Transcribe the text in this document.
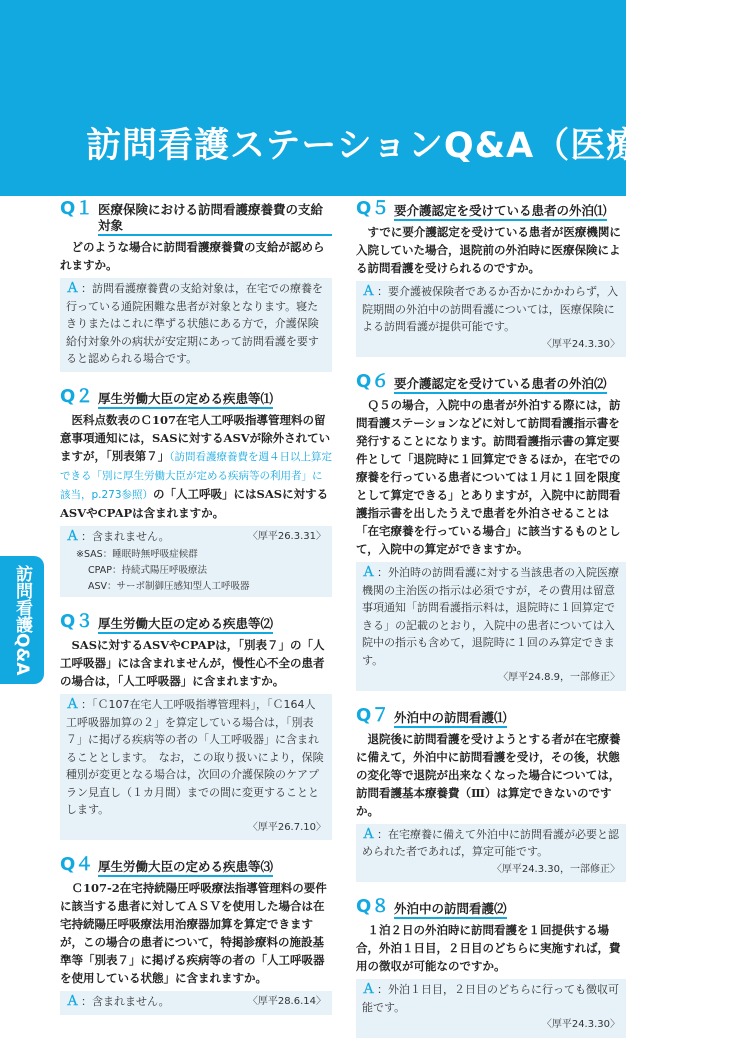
訪問看護ステーションQ&A（医療保険）
訪問看護Q&A
Q１ 医療保険における訪問看護療養費の支給対象
どのような場合に訪問看護療養費の支給が認められますか。
Ａ ：訪問看護療養費の支給対象は，在宅での療養を行っている通院困難な患者が対象となります。寝たきりまたはこれに準ずる状態にある方で，介護保険給付対象外の病状が安定期にあって訪問看護を要すると認められる場合です。
Q２ 厚生労働大臣の定める疾患等⑴
医科点数表のＣ107在宅人工呼吸指導管理料の留意事項通知には，SASに対するASVが除外されていますが，「別表第７」（訪問看護療養費を週４日以上算定できる「別に厚生労働大臣が定める疾病等の利用者」に該当，p.273参照）の「人工呼吸」にはSASに対するASVやCPAPは含まれますか。
Ａ ：含まれません。	〈厚平26.3.31〉
※SAS：睡眠時無呼吸症候群
CPAP：持続式陽圧呼吸療法
ASV：サーボ制御圧感知型人工呼吸器
Q３ 厚生労働大臣の定める疾患等⑵
SASに対するASVやCPAPは，「別表７」の「人工呼吸器」には含まれませんが，慢性心不全の患者の場合は，「人工呼吸器」に含まれますか。
Ａ ：「Ｃ107在宅人工呼吸指導管理料」，「Ｃ164人工呼吸器加算の２」を算定している場合は，「別表７」に掲げる疾病等の者の「人工呼吸器」に含まれることとします。　なお，この取り扱いにより，保険種別が変更となる場合は，次回の介護保険のケアプラン見直し（１カ月間）までの間に変更することとします。
〈厚平26.7.10〉
Q４ 厚生労働大臣の定める疾患等⑶
Ｃ107-2在宅持続陽圧呼吸療法指導管理料の要件に該当する患者に対してＡＳＶを使用した場合は在宅持続陽圧呼吸療法用治療器加算を算定できますが，この場合の患者について，特掲診療料の施設基準等「別表７」に掲げる疾病等の者の「人工呼吸器を使用している状態」に含まれますか。
Ａ ：含まれません。	〈厚平28.6.14〉
Q５ 要介護認定を受けている患者の外泊⑴
すでに要介護認定を受けている患者が医療機関に入院していた場合，退院前の外泊時に医療保険による訪問看護を受けられるのですか。
Ａ ：要介護被保険者であるか否かにかかわらず，入院期間の外泊中の訪問看護については，医療保険による訪問看護が提供可能です。
〈厚平24.3.30〉
Q６ 要介護認定を受けている患者の外泊⑵
Ｑ５の場合，入院中の患者が外泊する際には，訪問看護ステーションなどに対して訪問看護指示書を発行することになります。訪問看護指示書の算定要件として「退院時に１回算定できるほか，在宅での療養を行っている患者については１月に１回を限度として算定できる」とありますが，入院中に訪問看護指示書を出したうえで患者を外泊させることは「在宅療養を行っている場合」に該当するものとして，入院中の算定ができますか。
Ａ ：外泊時の訪問看護に対する当該患者の入院医療機関の主治医の指示は必須ですが，その費用は留意事項通知「訪問看護指示料は，退院時に１回算定できる」の記載のとおり，入院中の患者については入院中の指示も含めて，退院時に１回のみ算定できます。
〈厚平24.8.9，一部修正〉
Q７ 外泊中の訪問看護⑴
退院後に訪問看護を受けようとする者が在宅療養に備えて，外泊中に訪問看護を受け，その後，状態の変化等で退院が出来なくなった場合については，訪問看護基本療養費（Ⅲ）は算定できないのですか。
Ａ ：在宅療養に備えて外泊中に訪問看護が必要と認められた者であれば，算定可能です。
〈厚平24.3.30，一部修正〉
Q８ 外泊中の訪問看護⑵
１泊２日の外泊時に訪問看護を１回提供する場合，外泊１日目，２日目のどちらに実施すれば，費用の徴収が可能なのですか。
Ａ ：外泊１日目，２日目のどちらに行っても徴収可能です。
〈厚平24.3.30〉
